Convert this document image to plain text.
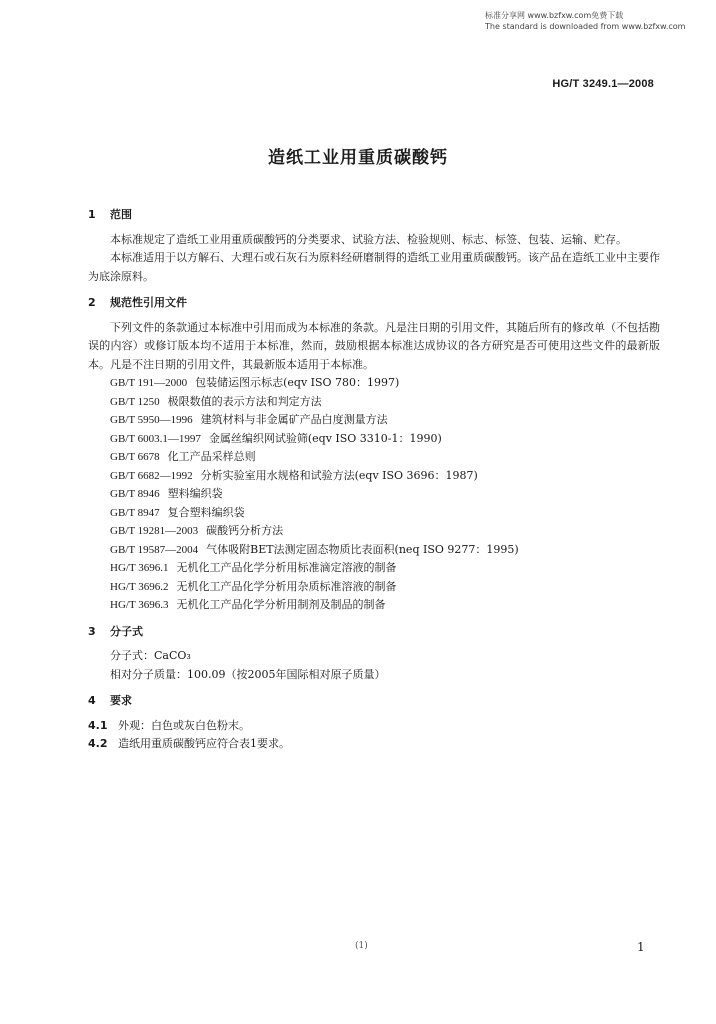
标准分享网 www.bzfxw.com免费下载
The standard is downloaded from www.bzfxw.com
HG/T 3249.1—2008
造纸工业用重质碳酸钙
1 范围

本标准规定了造纸工业用重质碳酸钙的分类要求、试验方法、检验规则、标志、标签、包装、运输、贮存。

本标准适用于以方解石、大理石或石灰石为原料经研磨制得的造纸工业用重质碳酸钙。该产品在造纸工业中主要作为底涂原料。

2 规范性引用文件

下列文件的条款通过本标准中引用而成为本标准的条款。凡是注日期的引用文件，其随后所有的修改单（不包括勘误的内容）或修订版本均不适用于本标准，然而，鼓励根据本标准达成协议的各方研究是否可使用这些文件的最新版本。凡是不注日期的引用文件，其最新版本适用于本标准。

GB/T 191—2000 包装储运图示标志(eqv ISO 780：1997)
GB/T 1250 极限数值的表示方法和判定方法
GB/T 5950—1996 建筑材料与非金属矿产品白度测量方法
GB/T 6003.1—1997 金属丝编织网试验筛(eqv ISO 3310-1：1990)
GB/T 6678 化工产品采样总则
GB/T 6682—1992 分析实验室用水规格和试验方法(eqv ISO 3696：1987)
GB/T 8946 塑料编织袋
GB/T 8947 复合塑料编织袋
GB/T 19281—2003 碳酸钙分析方法
GB/T 19587—2004 气体吸附BET法测定固态物质比表面积(neq ISO 9277：1995)
HG/T 3696.1 无机化工产品化学分析用标准滴定溶液的制备
HG/T 3696.2 无机化工产品化学分析用杂质标准溶液的制备
HG/T 3696.3 无机化工产品化学分析用制剂及制品的制备
3 分子式
分子式：CaCO₃
相对分子质量：100.09（按2005年国际相对原子质量）
4 要求

4.1 外观：白色或灰白色粉末。

4.2 造纸用重质碳酸钙应符合表1要求。

(1)	1
